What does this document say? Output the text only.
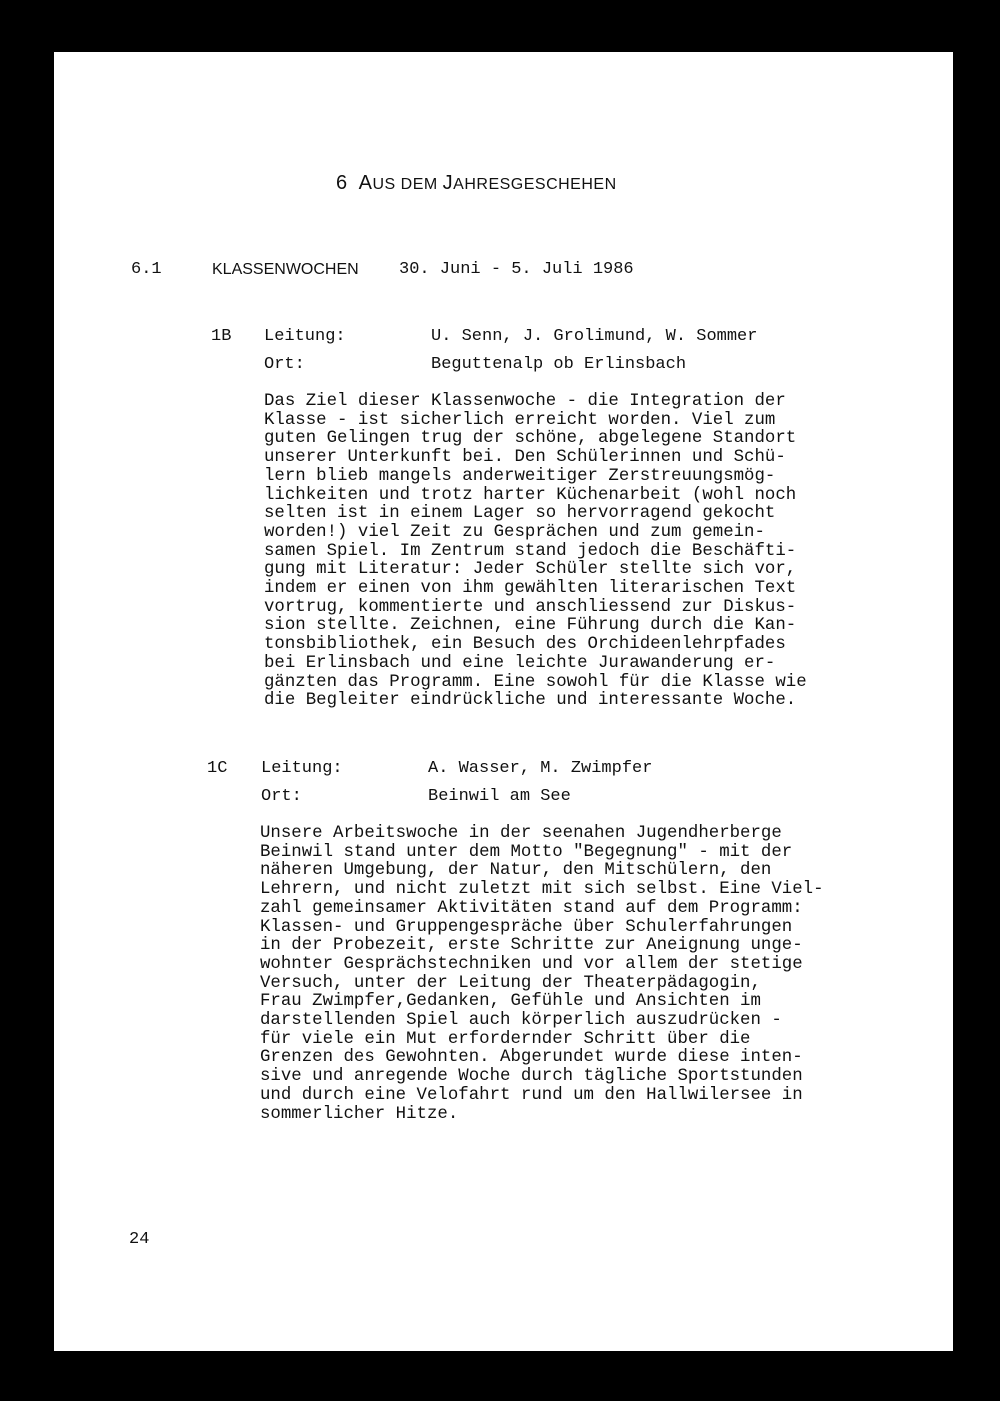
6 AUS DEM JAHRESGESCHEHEN
6.1	KLASSENWOCHEN 30. Juni - 5. Juli 1986
1B Leitung:	U. Senn, J. Grolimund, W. Sommer
Ort:	Beguttenalp ob Erlinsbach
Das Ziel dieser Klassenwoche - die Integration der
Klasse - ist sicherlich erreicht worden. Viel zum
guten Gelingen trug der schöne, abgelegene Standort
unserer Unterkunft bei. Den Schülerinnen und Schü-
lern blieb mangels anderweitiger Zerstreuungsmög-
lichkeiten und trotz harter Küchenarbeit (wohl noch
selten ist in einem Lager so hervorragend gekocht
worden!) viel Zeit zu Gesprächen und zum gemein-
samen Spiel. Im Zentrum stand jedoch die Beschäfti-
gung mit Literatur: Jeder Schüler stellte sich vor,
indem er einen von ihm gewählten literarischen Text
vortrug, kommentierte und anschliessend zur Diskus-
sion stellte. Zeichnen, eine Führung durch die Kan-
tonsbibliothek, ein Besuch des Orchideenlehrpfades
bei Erlinsbach und eine leichte Jurawanderung er-
gänzten das Programm. Eine sowohl für die Klasse wie
die Begleiter eindrückliche und interessante Woche.
1C Leitung:	A. Wasser, M. Zwimpfer
Ort:	Beinwil am See
Unsere Arbeitswoche in der seenahen Jugendherberge
Beinwil stand unter dem Motto "Begegnung" - mit der
näheren Umgebung, der Natur, den Mitschülern, den
Lehrern, und nicht zuletzt mit sich selbst. Eine Viel-
zahl gemeinsamer Aktivitäten stand auf dem Programm:
Klassen- und Gruppengespräche über Schulerfahrungen
in der Probezeit, erste Schritte zur Aneignung unge-
wohnter Gesprächstechniken und vor allem der stetige
Versuch, unter der Leitung der Theaterpädagogin,
Frau Zwimpfer,Gedanken, Gefühle und Ansichten im
darstellenden Spiel auch körperlich auszudrücken -
für viele ein Mut erfordernder Schritt über die
Grenzen des Gewohnten. Abgerundet wurde diese inten-
sive und anregende Woche durch tägliche Sportstunden
und durch eine Velofahrt rund um den Hallwilersee in
sommerlicher Hitze.
24
